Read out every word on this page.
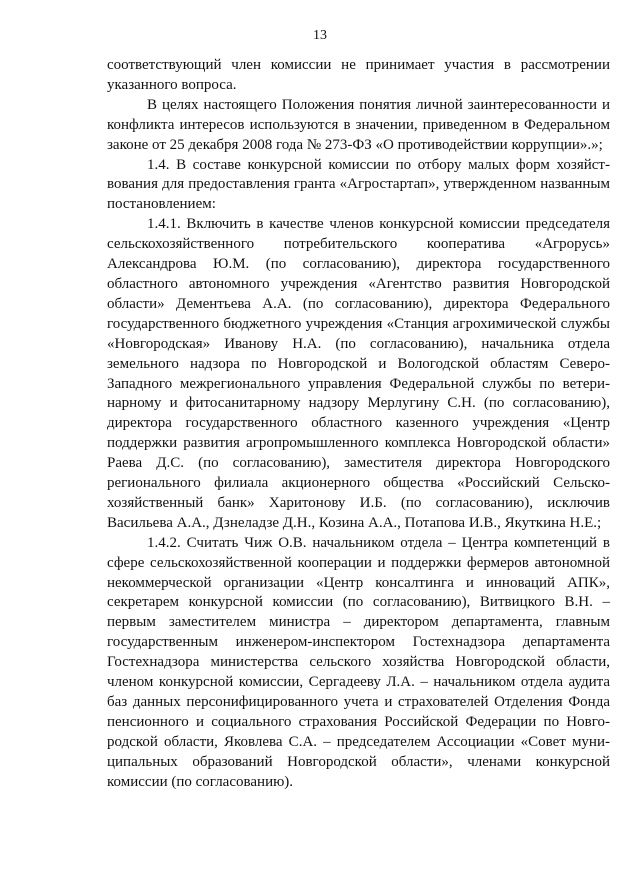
13

соответствующий член комиссии не принимает участия в рассмотрении указанного вопроса.

В целях настоящего Положения понятия личной заинтересованности и конфликта интересов используются в значении, приведенном в Федеральном законе от 25 декабря 2008 года № 273-ФЗ «О противодействии коррупции».»;

1.4. В составе конкурсной комиссии по отбору малых форм хозяйствования для предоставления гранта «Агростартап», утвержденном названным постановлением:

1.4.1. Включить в качестве членов конкурсной комиссии председателя сельскохозяйственного потребительского кооператива «Агрорусь» Александрова Ю.М. (по согласованию), директора государственного областного автономного учреждения «Агентство развития Новгородской области» Дементьева А.А. (по согласованию), директора Федерального государственного бюджетного учреждения «Станция агрохимической службы «Новгородская» Иванову Н.А. (по согласованию), начальника отдела земельного надзора по Новгородской и Вологодской областям Северо-Западного межрегионального управления Федеральной службы по ветеринарному и фитосанитарному надзору Мерлугину С.Н. (по согласованию), директора государственного областного казенного учреждения «Центр поддержки развития агропромышленного комплекса Новгородской области» Раева Д.С. (по согласованию), заместителя директора Новгородского регионального филиала акционерного общества «Российский Сельскохозяйственный банк» Харитонову И.Б. (по согласованию), исключив Васильева А.А., Дзнеладзе Д.Н., Козина А.А., Потапова И.В., Якуткина Н.Е.;

1.4.2. Считать Чиж О.В. начальником отдела – Центра компетенций в сфере сельскохозяйственной кооперации и поддержки фермеров автономной некоммерческой организации «Центр консалтинга и инноваций АПК», секретарем конкурсной комиссии (по согласованию), Витвицкого В.Н. – первым заместителем министра – директором департамента, главным государственным инженером-инспектором Гостехнадзора департамента Гостехнадзора министерства сельского хозяйства Новгородской области, членом конкурсной комиссии, Сергадееву Л.А. – начальником отдела аудита баз данных персонифицированного учета и страхователей Отделения Фонда пенсионного и социального страхования Российской Федерации по Новгородской области, Яковлева С.А. – председателем Ассоциации «Совет муниципальных образований Новгородской области», членами конкурсной комиссии (по согласованию).
